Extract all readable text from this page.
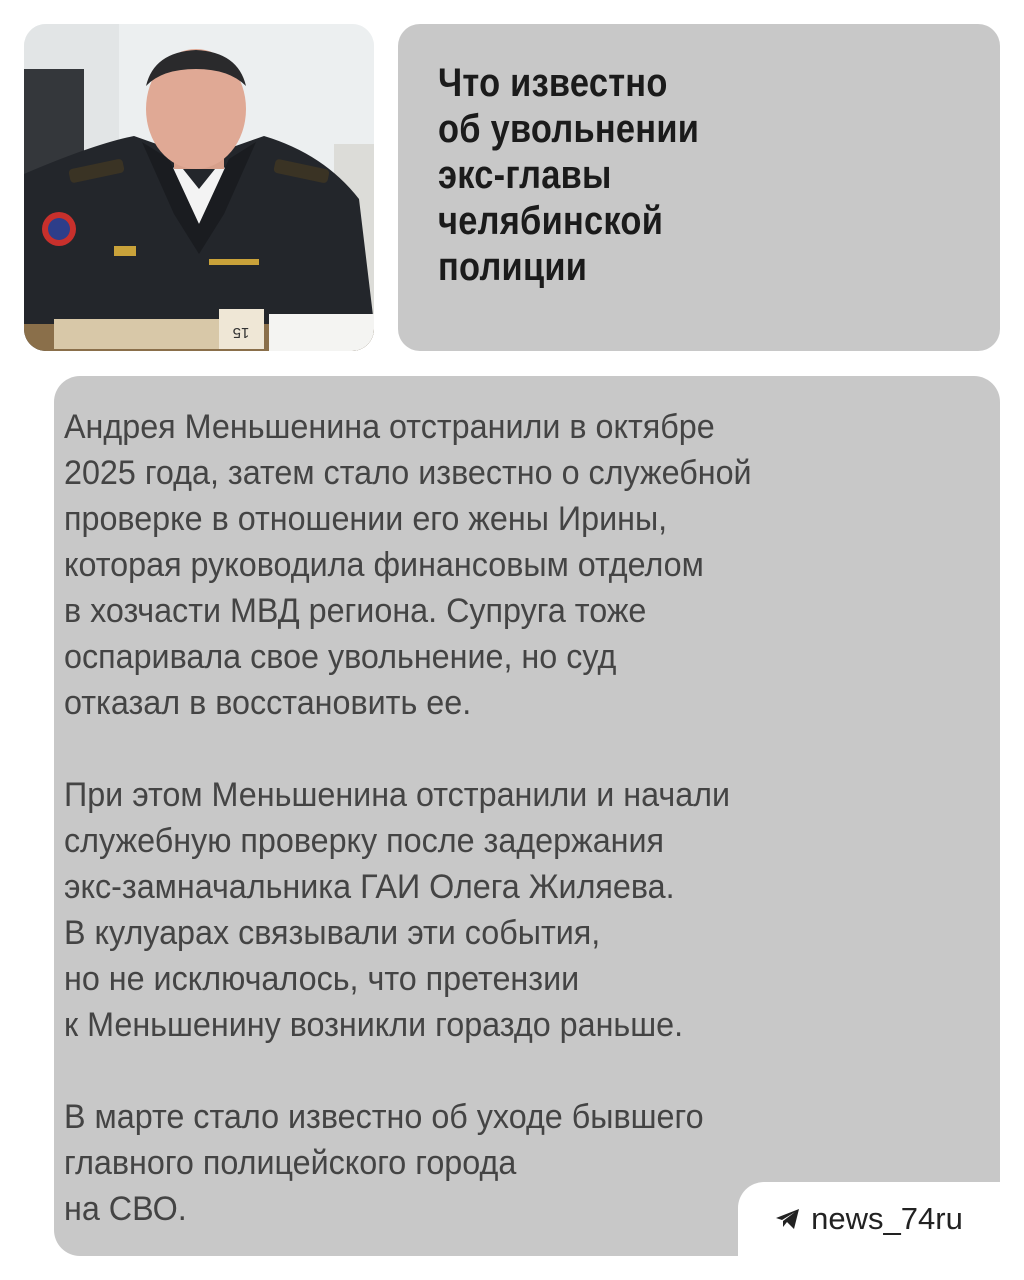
15
Что известно
об увольнении
экс-главы
челябинской
полиции
Андрея Меньшенина отстранили в октябре
2025 года, затем стало известно о служебной
проверке в отношении его жены Ирины,
которая руководила финансовым отделом
в хозчасти МВД региона. Супруга тоже
оспаривала свое увольнение, но суд
отказал в восстановить ее.
При этом Меньшенина отстранили и начали
служебную проверку после задержания
экс-замначальника ГАИ Олега Жиляева.
В кулуарах связывали эти события,
но не исключалось, что претензии
к Меньшенину возникли гораздо раньше.
В марте стало известно об уходе бывшего
главного полицейского города
на СВО.	news_74ru
